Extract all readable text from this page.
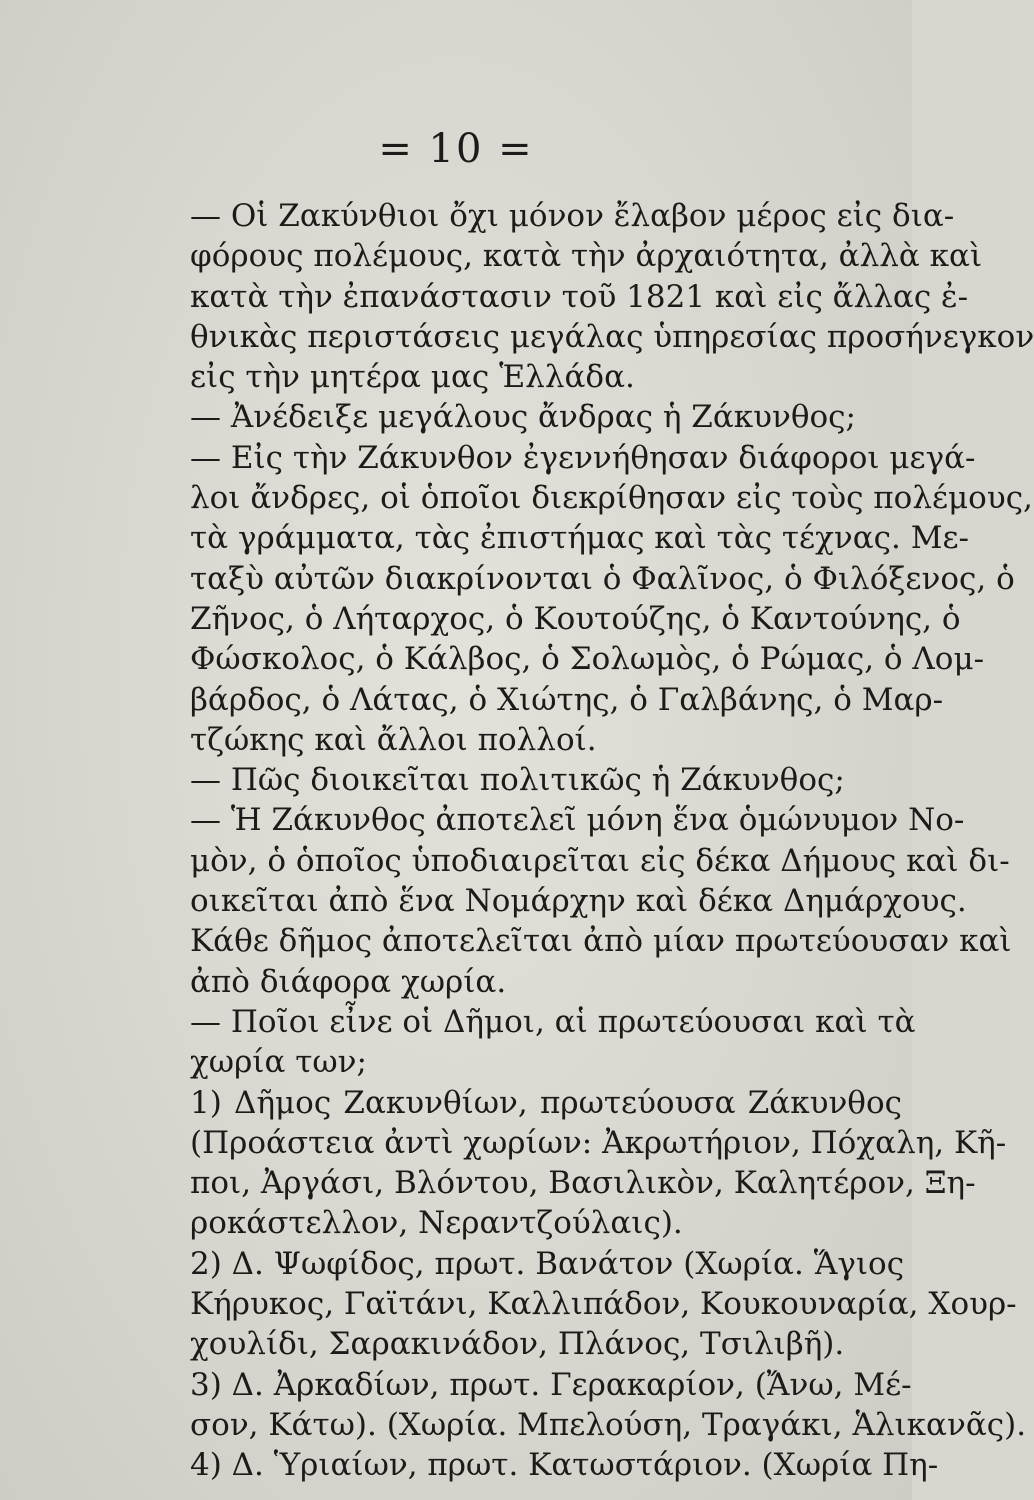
= 10 =
— Οἱ Ζακύνθιοι ὄχι μόνον ἔλαβον μέρος εἰς δια-
φόρους πολέμους, κατὰ τὴν ἀρχαιότητα, ἀλλὰ καὶ
κατὰ τὴν ἐπανάστασιν τοῦ 1821 καὶ εἰς ἄλλας ἐ-
θνικὰς περιστάσεις μεγάλας ὑπηρεσίας προσήνεγκον
εἰς τὴν μητέρα μας Ἑλλάδα.
— Ἀνέδειξε μεγάλους ἄνδρας ἡ Ζάκυνθος;
— Εἰς τὴν Ζάκυνθον ἐγεννήθησαν διάφοροι μεγά-
λοι ἄνδρες, οἱ ὁποῖοι διεκρίθησαν εἰς τοὺς πολέμους,
τὰ γράμματα, τὰς ἐπιστήμας καὶ τὰς τέχνας. Με-
ταξὺ αὐτῶν διακρίνονται ὁ Φαλῖνος, ὁ Φιλόξενος, ὁ
Ζῆνος, ὁ Λήταρχος, ὁ Κουτούζης, ὁ Καντούνης, ὁ
Φώσκολος, ὁ Κάλβος, ὁ Σολωμὸς, ὁ Ρώμας, ὁ Λομ-
βάρδος, ὁ Λάτας, ὁ Χιώτης, ὁ Γαλβάνης, ὁ Μαρ-
τζώκης καὶ ἄλλοι πολλοί.
— Πῶς διοικεῖται πολιτικῶς ἡ Ζάκυνθος;
— Ἡ Ζάκυνθος ἀποτελεῖ μόνη ἕνα ὁμώνυμον Νο-
μὸν, ὁ ὁποῖος ὑποδιαιρεῖται εἰς δέκα Δήμους καὶ δι-
οικεῖται ἀπὸ ἕνα Νομάρχην καὶ δέκα Δημάρχους.
Κάθε δῆμος ἀποτελεῖται ἀπὸ μίαν πρωτεύουσαν καὶ
ἀπὸ διάφορα χωρία.
— Ποῖοι εἶνε οἱ Δῆμοι, αἱ πρωτεύουσαι καὶ τὰ
χωρία των;
1) Δῆμος Ζακυνθίων, πρωτεύουσα Ζάκυνθος
(Προάστεια ἀντὶ χωρίων: Ἀκρωτήριον, Πόχαλη, Κῆ-
ποι, Ἀργάσι, Βλόντου, Βασιλικὸν, Καλητέρον, Ξη-
ροκάστελλον, Νεραντζούλαις).
2) Δ. Ψωφίδος, πρωτ. Βανάτον (Χωρία. Ἅγιος
Κήρυκος, Γαϊτάνι, Καλλιπάδον, Κουκουναρία, Χουρ-
χουλίδι, Σαρακινάδον, Πλάνος, Τσιλιβῆ).
3) Δ. Ἀρκαδίων, πρωτ. Γερακαρίον, (Ἄνω, Μέ-
σον, Κάτω). (Χωρία. Μπελούση, Τραγάκι, Ἁλικανᾶς).
4) Δ. Ὑριαίων, πρωτ. Κατωστάριον. (Χωρία Πη-
